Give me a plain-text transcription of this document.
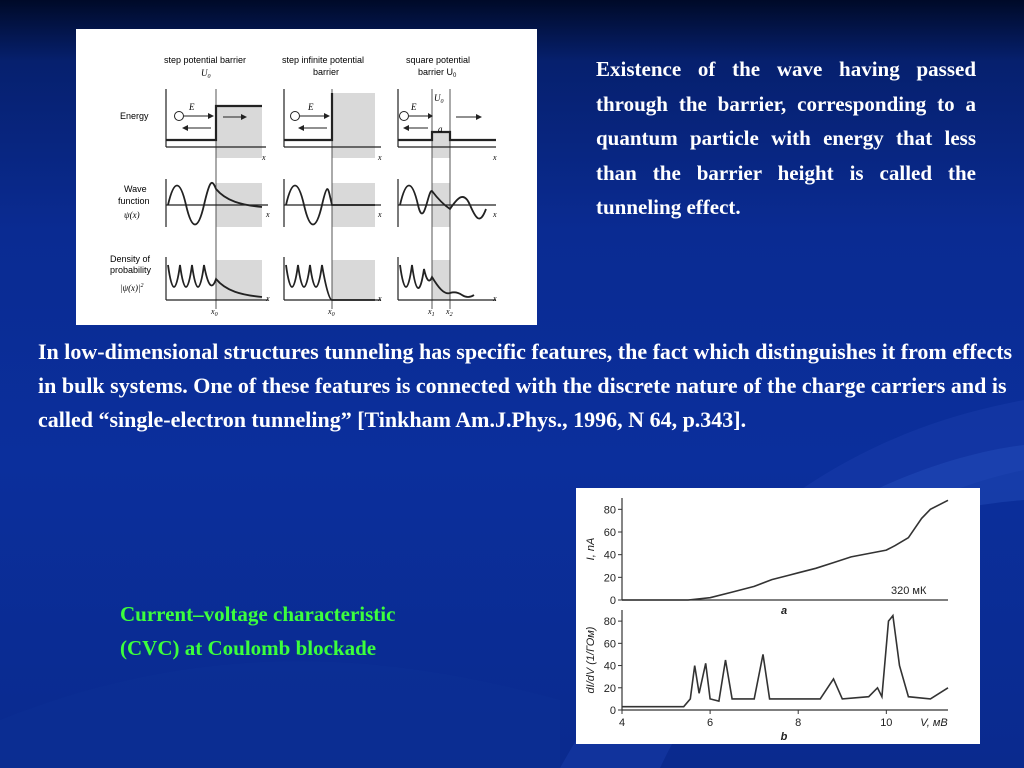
step potential barrier
$U_0$
step infinite potential
barrier
square potential
barrier $U_0$
Energy
Wave
function
ψ(x)
Density of
probability
$|\psi(x)|^2$
E	E	E
$U_0$
a
x	x	x
x	x	x
x	x	x
$x_0$	$x_0$	$x_1$ $x_2$
Existence of the wave having passed through the barrier, corresponding to a quantum particle with energy that less than the barrier height is called the tunneling effect.
In low-dimensional structures tunneling has specific features, the fact which distinguishes it from effects in bulk systems. One of these features is connected with the discrete nature of the charge carriers and is called “single-electron tunneling” [Tinkham Am.J.Phys., 1996, N 64, p.343].
Current–voltage characteristic
(CVC) at Coulomb blockade
0
20
40
60
80
I, nA
320 мК
a
0
20
40
60
80
4	6	8	10
dI/dV (1/ГОм)
V, мВ
b
